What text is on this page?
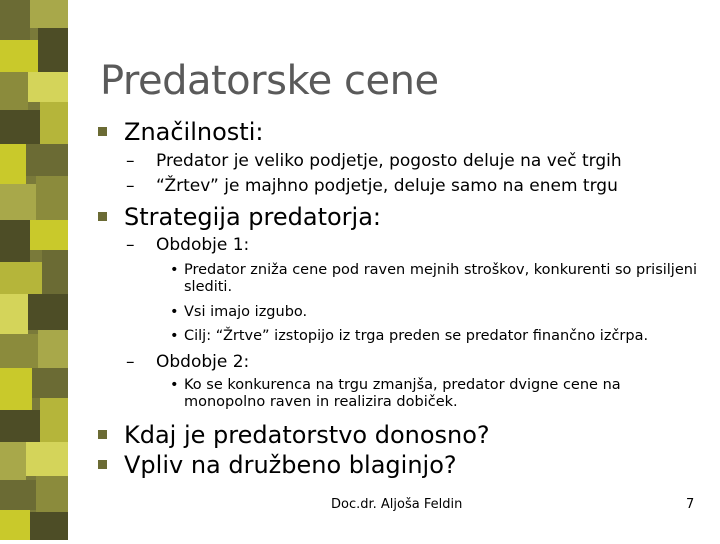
Predatorske cene
Značilnosti:
– Predator je veliko podjetje, pogosto deluje na več trgih
– “Žrtev” je majhno podjetje, deluje samo na enem trgu
Strategija predatorja:
– Obdobje 1:
• Predator zniža cene pod raven mejnih stroškov, konkurenti so prisiljeni slediti.
• Vsi imajo izgubo.
• Cilj: “Žrtve” izstopijo iz trga preden se predator finančno izčrpa.
– Obdobje 2:
• Ko se konkurenca na trgu zmanjša, predator dvigne cene na monopolno raven in realizira dobiček.
Kdaj je predatorstvo donosno?
Vpliv na družbeno blaginjo?
Doc.dr. Aljoša Feldin	7
